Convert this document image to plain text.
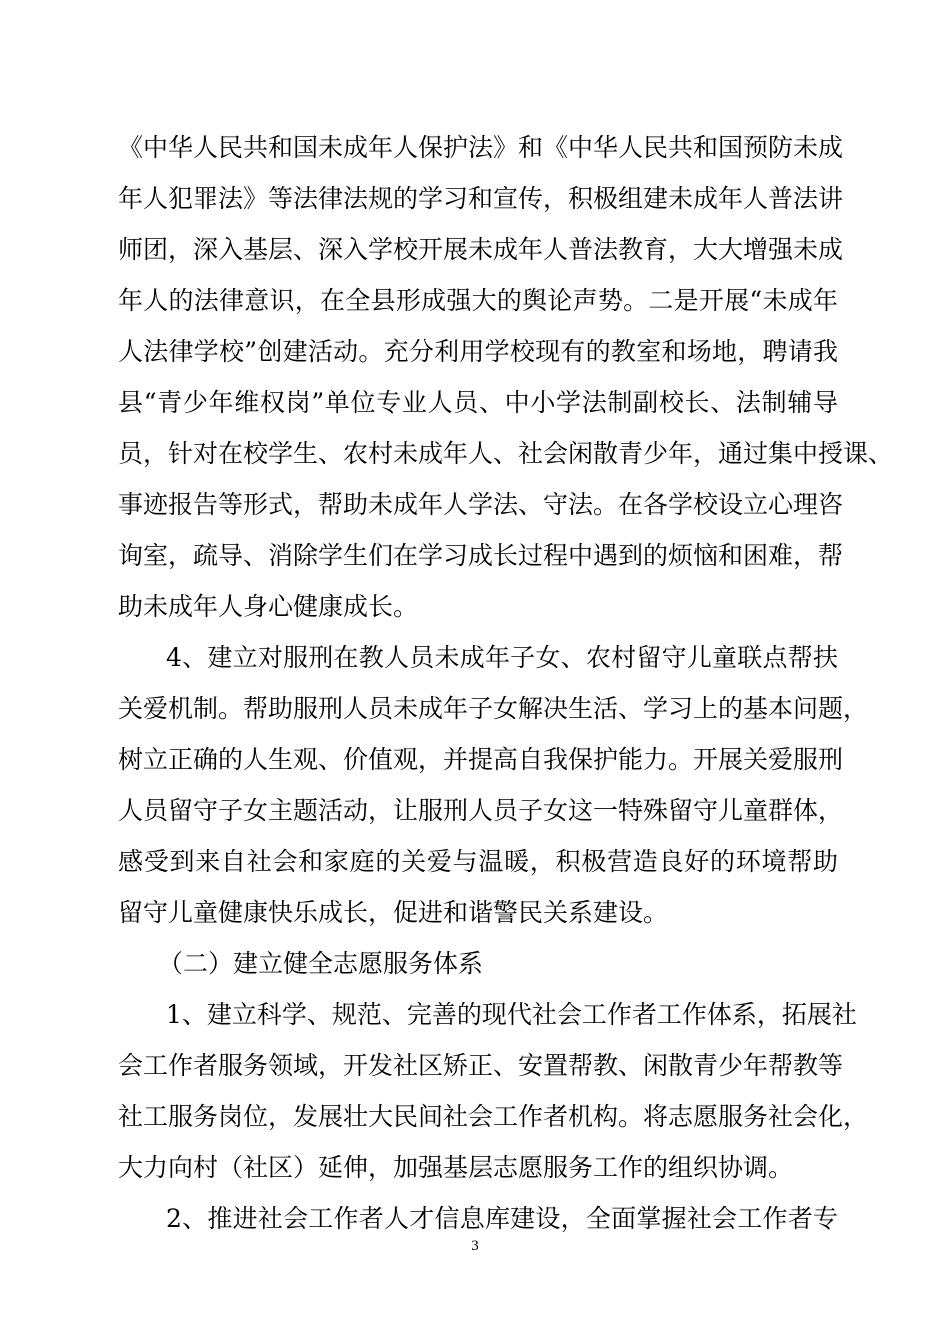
《中华人民共和国未成年人保护法》和《中华人民共和国预防未成
年人犯罪法》等法律法规的学习和宣传，积极组建未成年人普法讲
师团，深入基层、深入学校开展未成年人普法教育，大大增强未成
年人的法律意识，在全县形成强大的舆论声势。二是开展“未成年
人法律学校”创建活动。充分利用学校现有的教室和场地，聘请我
县“青少年维权岗”单位专业人员、中小学法制副校长、法制辅导
员，针对在校学生、农村未成年人、社会闲散青少年，通过集中授课、
事迹报告等形式，帮助未成年人学法、守法。在各学校设立心理咨
询室，疏导、消除学生们在学习成长过程中遇到的烦恼和困难，帮
助未成年人身心健康成长。
4、建立对服刑在教人员未成年子女、农村留守儿童联点帮扶
关爱机制。帮助服刑人员未成年子女解决生活、学习上的基本问题，
树立正确的人生观、价值观，并提高自我保护能力。开展关爱服刑
人员留守子女主题活动，让服刑人员子女这一特殊留守儿童群体，
感受到来自社会和家庭的关爱与温暖，积极营造良好的环境帮助
留守儿童健康快乐成长，促进和谐警民关系建设。
（二）建立健全志愿服务体系
1、建立科学、规范、完善的现代社会工作者工作体系，拓展社
会工作者服务领域，开发社区矫正、安置帮教、闲散青少年帮教等
社工服务岗位，发展壮大民间社会工作者机构。将志愿服务社会化，
大力向村（社区）延伸，加强基层志愿服务工作的组织协调。
2、推进社会工作者人才信息库建设，全面掌握社会工作者专
3
